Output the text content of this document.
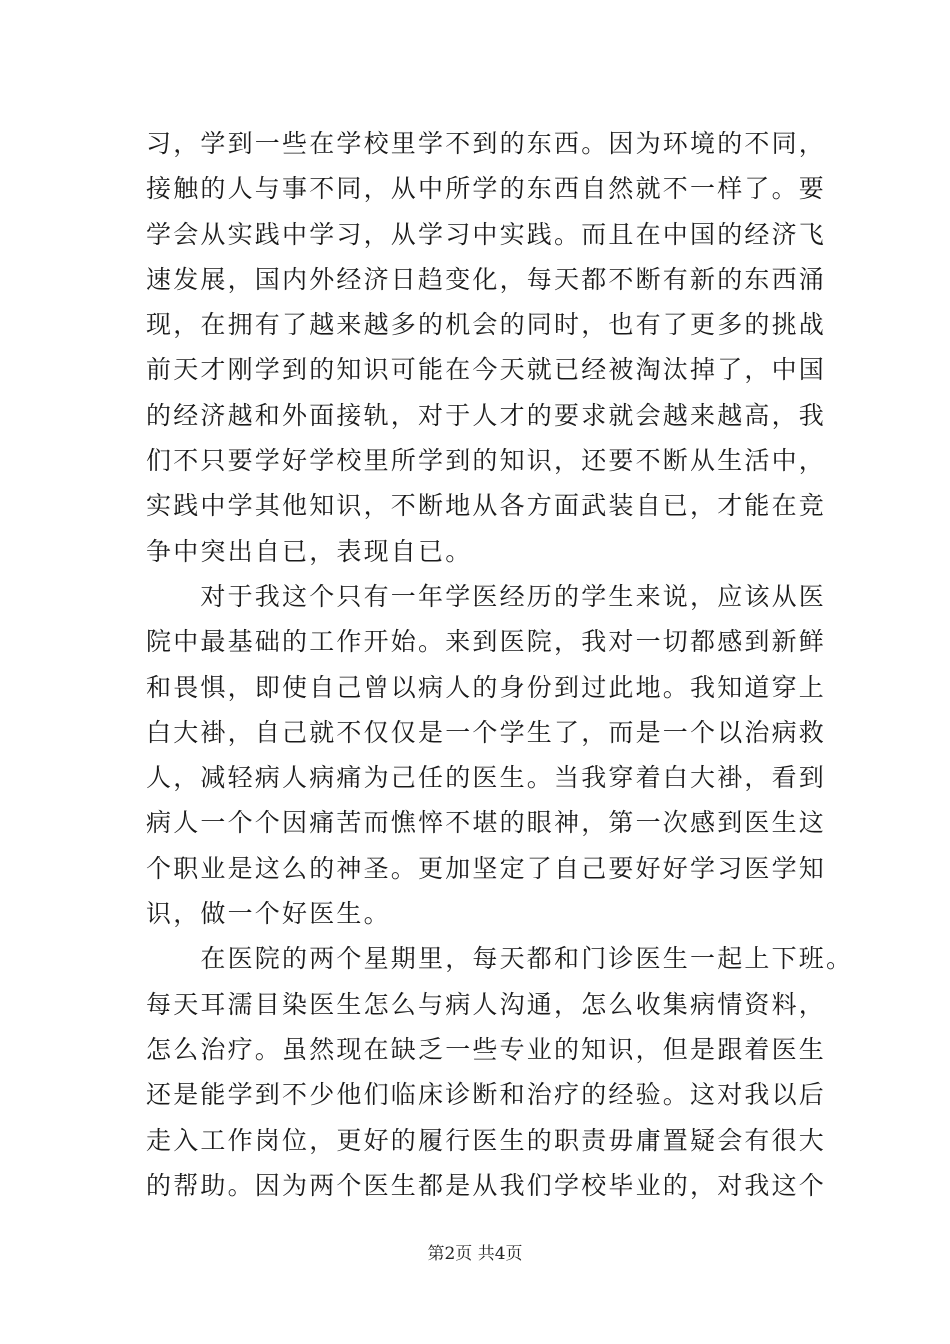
习，学到一些在学校里学不到的东西。因为环境的不同，
接触的人与事不同，从中所学的东西自然就不一样了。要
学会从实践中学习，从学习中实践。而且在中国的经济飞
速发展，国内外经济日趋变化，每天都不断有新的东西涌
现，在拥有了越来越多的机会的同时，也有了更多的挑战
前天才刚学到的知识可能在今天就已经被淘汰掉了，中国
的经济越和外面接轨，对于人才的要求就会越来越高，我
们不只要学好学校里所学到的知识，还要不断从生活中，
实践中学其他知识，不断地从各方面武装自已，才能在竞
争中突出自已，表现自已。
　　对于我这个只有一年学医经历的学生来说，应该从医
院中最基础的工作开始。来到医院，我对一切都感到新鲜
和畏惧，即使自己曾以病人的身份到过此地。我知道穿上
白大褂，自己就不仅仅是一个学生了，而是一个以治病救
人，减轻病人病痛为己任的医生。当我穿着白大褂，看到
病人一个个因痛苦而憔悴不堪的眼神，第一次感到医生这
个职业是这么的神圣。更加坚定了自己要好好学习医学知
识，做一个好医生。
　　在医院的两个星期里，每天都和门诊医生一起上下班。
每天耳濡目染医生怎么与病人沟通，怎么收集病情资料，
怎么治疗。虽然现在缺乏一些专业的知识，但是跟着医生
还是能学到不少他们临床诊断和治疗的经验。这对我以后
走入工作岗位，更好的履行医生的职责毋庸置疑会有很大
的帮助。因为两个医生都是从我们学校毕业的，对我这个
第2页 共4页
